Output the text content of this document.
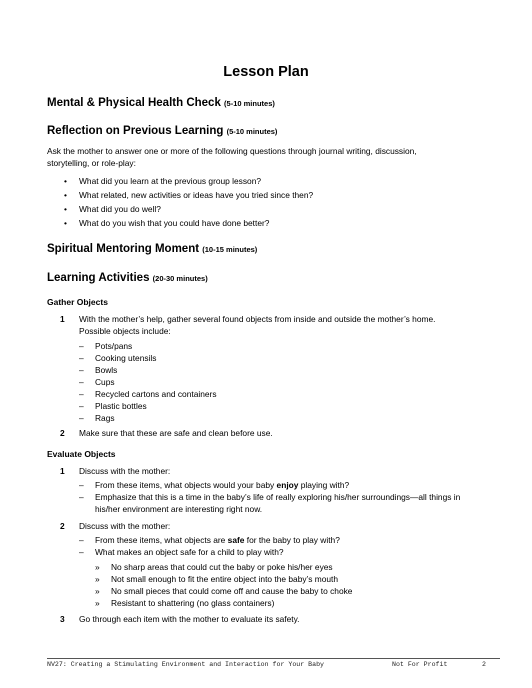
Lesson Plan
Mental & Physical Health Check (5-10 minutes)
Reflection on Previous Learning (5-10 minutes)
Ask the mother to answer one or more of the following questions through journal writing, discussion,
storytelling, or role-play:
• What did you learn at the previous group lesson?
• What related, new activities or ideas have you tried since then?
• What did you do well?
• What do you wish that you could have done better?
Spiritual Mentoring Moment (10-15 minutes)
Learning Activities (20-30 minutes)
Gather Objects
1 With the mother’s help, gather several found objects from inside and outside the mother’s home.
Possible objects include:
– Pots/pans
– Cooking utensils
– Bowls
– Cups
– Recycled cartons and containers
– Plastic bottles
– Rags
2 Make sure that these are safe and clean before use.
Evaluate Objects
1 Discuss with the mother:
– From these items, what objects would your baby enjoy playing with?
– Emphasize that this is a time in the baby’s life of really exploring his/her surroundings—all things in
his/her environment are interesting right now.
2 Discuss with the mother:
– From these items, what objects are safe for the baby to play with?
– What makes an object safe for a child to play with?
» No sharp areas that could cut the baby or poke his/her eyes
» Not small enough to fit the entire object into the baby’s mouth
» No small pieces that could come off and cause the baby to choke
» Resistant to shattering (no glass containers)
3 Go through each item with the mother to evaluate its safety.
NV27: Creating a Stimulating Environment and Interaction for Your Baby	Not For Profit	2
